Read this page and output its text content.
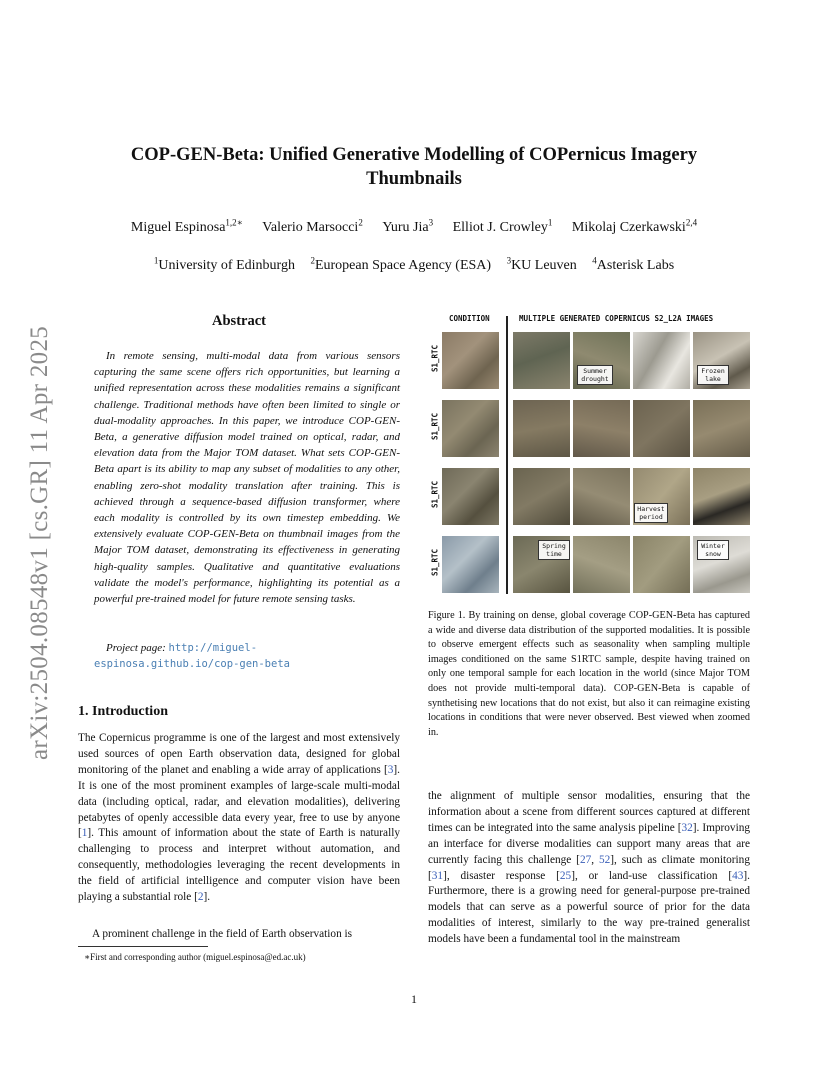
arXiv:2504.08548v1 [cs.GR] 11 Apr 2025
COP-GEN-Beta: Unified Generative Modelling of COPernicus Imagery Thumbnails
Miguel Espinosa$^{1,2∗}$ Valerio Marsocci$^2$ Yuru Jia$^3$ Elliot J. Crowley$^1$ Mikolaj Czerkawski$^{2,4}$
$^1$University of Edinburgh $^2$European Space Agency (ESA) $^3$KU Leuven $^4$Asterisk Labs
Abstract

In remote sensing, multi-modal data from various sensors capturing the same scene offers rich opportunities, but learning a unified representation across these modalities remains a significant challenge. Traditional methods have often been limited to single or dual-modality approaches. In this paper, we introduce COP-GEN-Beta, a generative diffusion model trained on optical, radar, and elevation data from the Major TOM dataset. What sets COP-GEN-Beta apart is its ability to map any subset of modalities to any other, enabling zero-shot modality translation after training. This is achieved through a sequence-based diffusion transformer, where each modality is controlled by its own timestep embedding. We extensively evaluate COP-GEN-Beta on thumbnail images from the Major TOM dataset, demonstrating its effectiveness in generating high-quality samples. Qualitative and quantitative evaluations validate the model's performance, highlighting its potential as a powerful pre-trained model for future remote sensing tasks.

Project page: http://miguel-espinosa.github.io/cop-gen-beta

1. Introduction

The Copernicus programme is one of the largest and most extensively used sources of open Earth observation data, designed for global monitoring of the planet and enabling a wide array of applications [3]. It is one of the most prominent examples of large-scale multi-modal data (including optical, radar, and elevation modalities), delivering petabytes of openly accessible data every year, free to use by anyone [1]. This amount of information about the state of Earth is naturally challenging to process and interpret without automation, and consequently, methodologies leveraging the recent developments in the field of artificial intelligence and computer vision have been playing a substantial role [2].

A prominent challenge in the field of Earth observation is

∗First and corresponding author (miguel.espinosa@ed.ac.uk)

CONDITION	MULTIPLE GENERATED COPERNICUS S2_L2A IMAGES
S1_RTC
S1_RTC
S1_RTC
S1_RTC
Summer
drought
Frozen
lake
Harvest
period
Spring
time
Winter
snow

Figure 1. By training on dense, global coverage COP-GEN-Beta has captured a wide and diverse data distribution of the supported modalities. It is possible to observe emergent effects such as seasonality when sampling multiple images conditioned on the same S1RTC sample, despite having trained on only one temporal sample for each location in the world (since Major TOM does not provide multi-temporal data). COP-GEN-Beta is capable of synthetising new locations that do not exist, but also it can reimagine existing locations in conditions that were never observed. Best viewed when zoomed in.

the alignment of multiple sensor modalities, ensuring that the information about a scene from different sources captured at different times can be integrated into the same analysis pipeline [32]. Improving an interface for diverse modalities can support many areas that are currently facing this challenge [27, 52], such as climate monitoring [31], disaster response [25], or land-use classification [43]. Furthermore, there is a growing need for general-purpose pre-trained models that can serve as a powerful source of prior for the data modalities of interest, similarly to the way pre-trained generalist models have been a fundamental tool in the mainstream

1
